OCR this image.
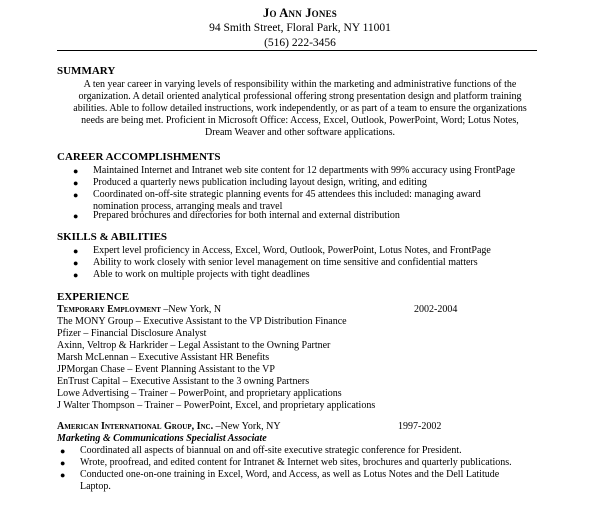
Jo Ann Jones
94 Smith Street, Floral Park, NY 11001
(516) 222-3456
SUMMARY
A ten year career in varying levels of responsibility within the marketing and administrative functions of the
organization. A detail oriented analytical professional offering strong presentation design and platform training
abilities. Able to follow detailed instructions, work independently, or as part of a team to ensure the organizations
needs are being met. Proficient in Microsoft Office: Access, Excel, Outlook, PowerPoint, Word; Lotus Notes,
Dream Weaver and other software applications.
CAREER ACCOMPLISHMENTS
● Maintained Internet and Intranet web site content for 12 departments with 99% accuracy using FrontPage
● Produced a quarterly news publication including layout design, writing, and editing
● Coordinated on-off-site strategic planning events for 45 attendees this included: managing award
nomination process, arranging meals and travel
● Prepared brochures and directories for both internal and external distribution
SKILLS & ABILITIES
● Expert level proficiency in Access, Excel, Word, Outlook, PowerPoint, Lotus Notes, and FrontPage
● Ability to work closely with senior level management on time sensitive and confidential matters
● Able to work on multiple projects with tight deadlines
EXPERIENCE
Temporary Employment –New York, N	2002-2004
The MONY Group – Executive Assistant to the VP Distribution Finance
Pfizer – Financial Disclosure Analyst
Axinn, Veltrop & Harkrider – Legal Assistant to the Owning Partner
Marsh McLennan – Executive Assistant HR Benefits
JPMorgan Chase – Event Planning Assistant to the VP
EnTrust Capital – Executive Assistant to the 3 owning Partners
Lowe Advertising – Trainer – PowerPoint, and proprietary applications
J Walter Thompson – Trainer – PowerPoint, Excel, and proprietary applications
American International Group, Inc. –New York, NY	1997-2002
Marketing & Communications Specialist Associate
● Coordinated all aspects of biannual on and off-site executive strategic conference for President.
● Wrote, proofread, and edited content for Intranet & Internet web sites, brochures and quarterly publications.
● Conducted one-on-one training in Excel, Word, and Access, as well as Lotus Notes and the Dell Latitude
Laptop.
